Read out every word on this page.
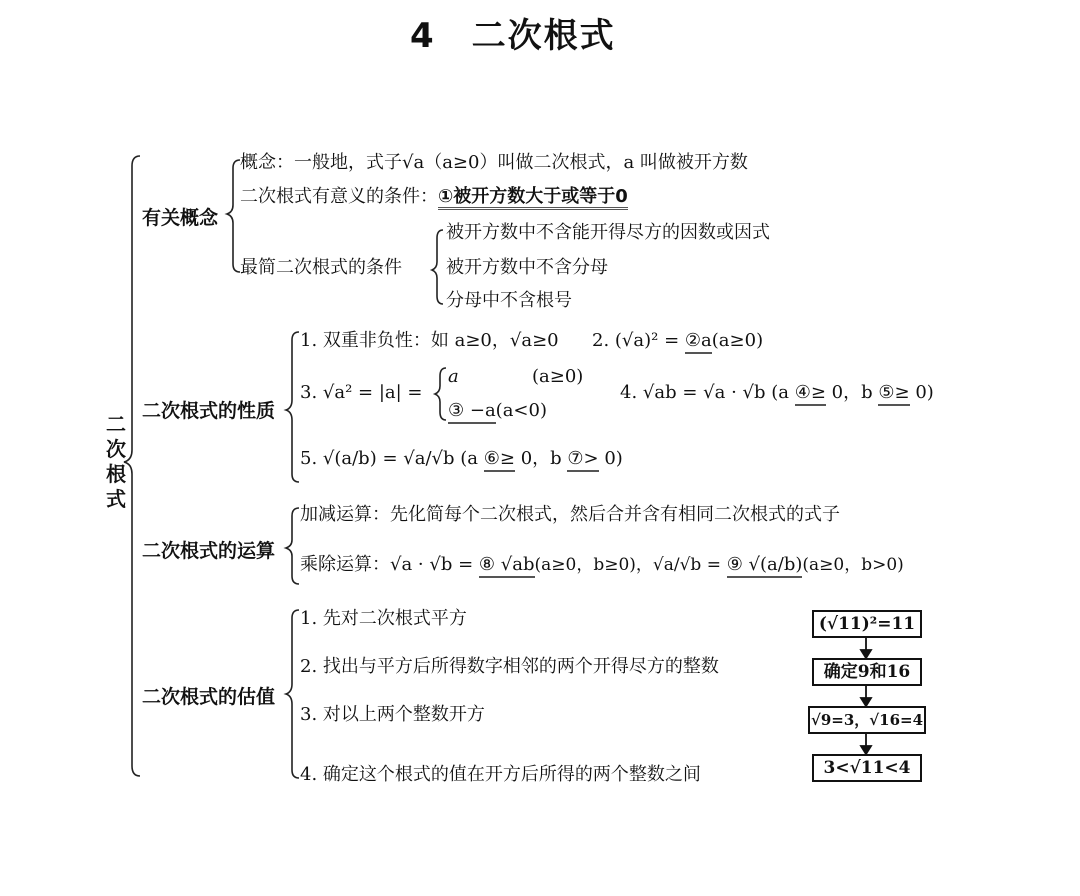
4　二次根式
二次根式
有关概念
概念：一般地，式子√a（a≥0）叫做二次根式，a 叫做被开方数
二次根式有意义的条件：①被开方数大于或等于0
最简二次根式的条件
被开方数中不含能开得尽方的因数或因式
被开方数中不含分母
分母中不含根号
二次根式的性质
1. 双重非负性：如 a≥0，√a≥0 2. (√a)² = ②a(a≥0)
3. √a² = |a| =
a	(a≥0)
③ −a(a<0)
4. √ab = √a · √b (a ④≥ 0，b ⑤≥ 0)
5. √(a/b) = √a/√b (a ⑥≥ 0，b ⑦> 0)
二次根式的运算
加减运算：先化简每个二次根式，然后合并含有相同二次根式的式子
乘除运算：√a · √b = ⑧ √ab(a≥0，b≥0)，√a/√b = ⑨ √(a/b)(a≥0，b>0)
二次根式的估值
1. 先对二次根式平方
2. 找出与平方后所得数字相邻的两个开得尽方的整数
3. 对以上两个整数开方
4. 确定这个根式的值在开方后所得的两个整数之间
(√11)²=11
确定9和16
√9=3，√16=4
3<√11<4
